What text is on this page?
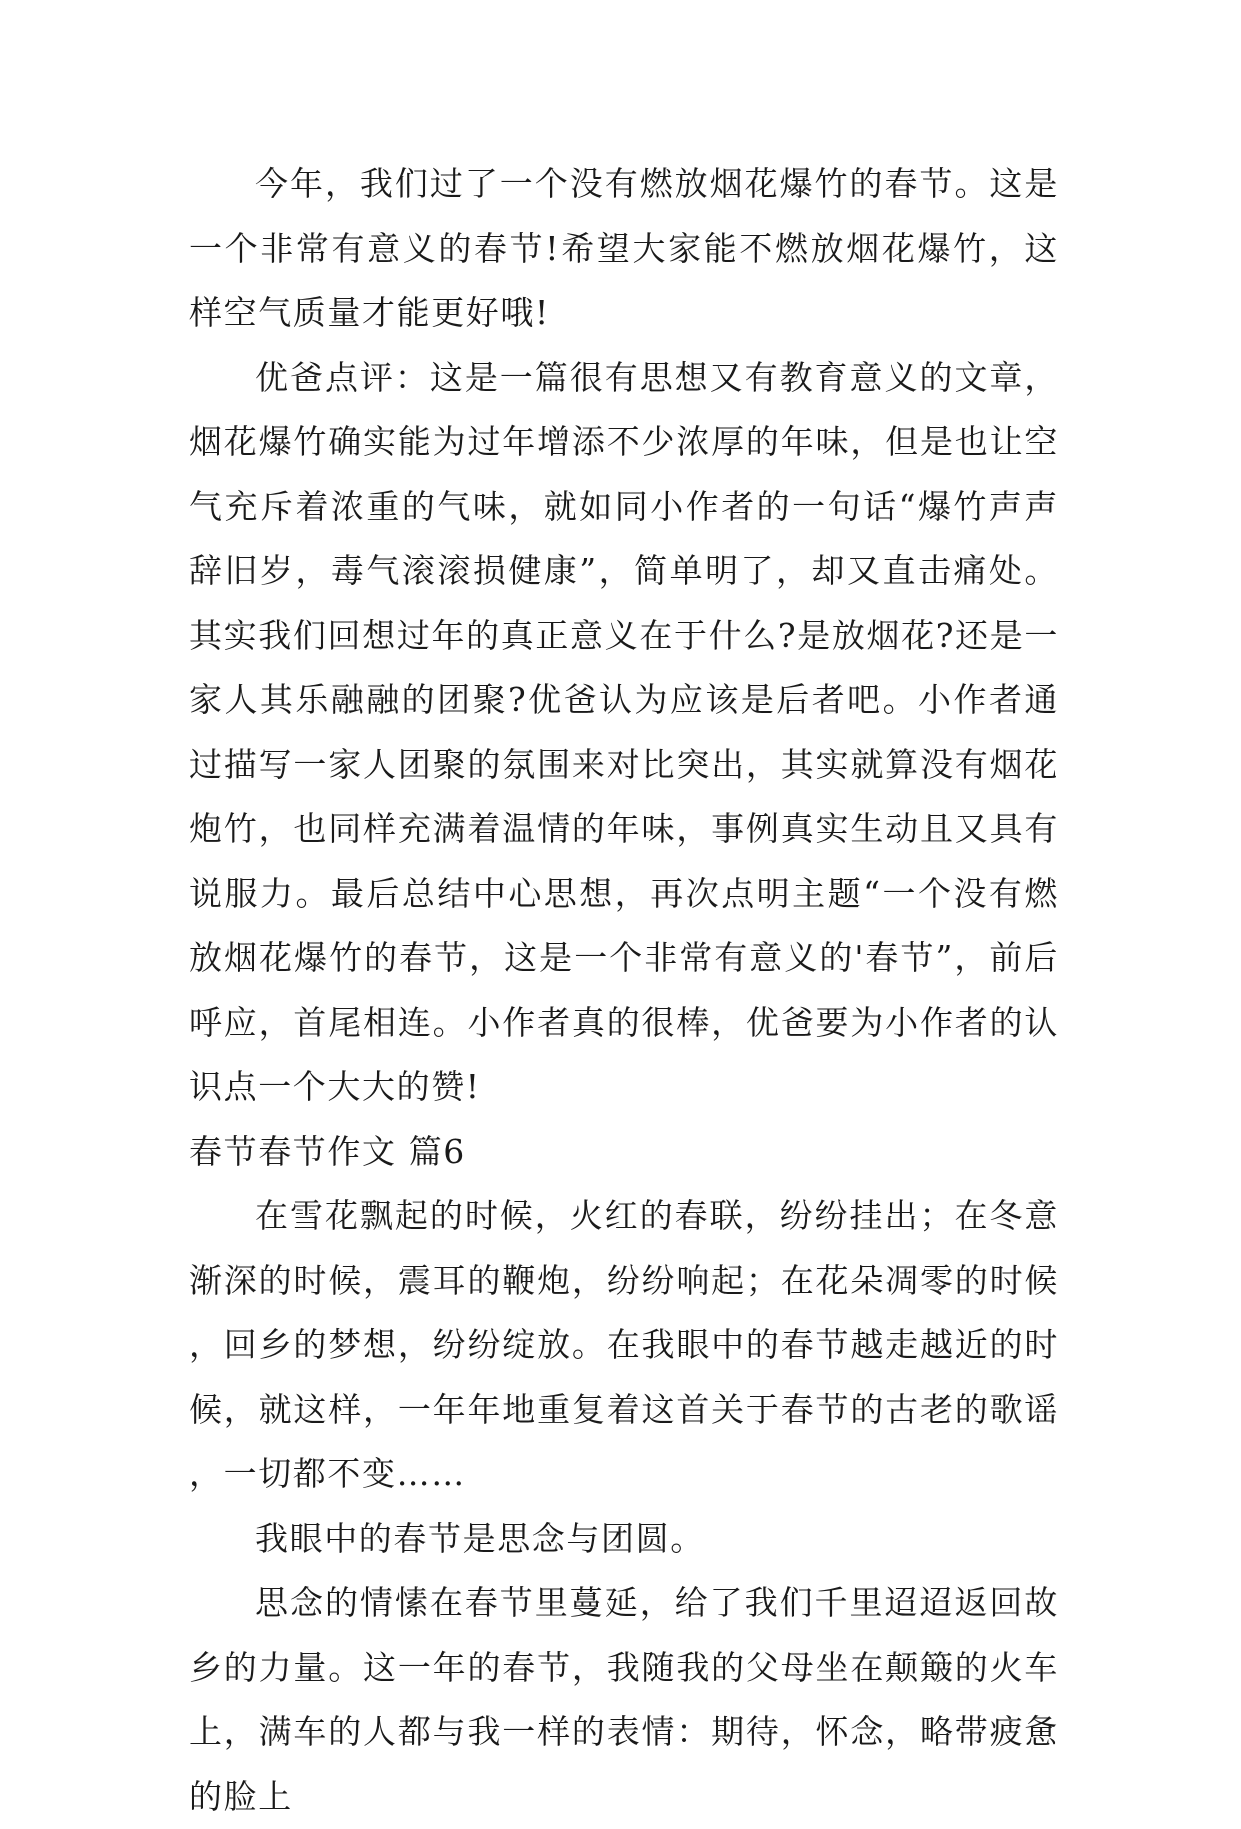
今年，我们过了一个没有燃放烟花爆竹的春节。这是一个非常有意义的春节!希望大家能不燃放烟花爆竹，这样空气质量才能更好哦!

优爸点评：这是一篇很有思想又有教育意义的文章，烟花爆竹确实能为过年增添不少浓厚的年味，但是也让空气充斥着浓重的气味，就如同小作者的一句话“爆竹声声辞旧岁，毒气滚滚损健康”，简单明了，却又直击痛处。其实我们回想过年的真正意义在于什么?是放烟花?还是一家人其乐融融的团聚?优爸认为应该是后者吧。小作者通过描写一家人团聚的氛围来对比突出，其实就算没有烟花炮竹，也同样充满着温情的年味，事例真实生动且又具有说服力。最后总结中心思想，再次点明主题“一个没有燃放烟花爆竹的春节，这是一个非常有意义的'春节”，前后呼应，首尾相连。小作者真的很棒，优爸要为小作者的认识点一个大大的赞!

春节春节作文 篇6

在雪花飘起的时候，火红的春联，纷纷挂出；在冬意渐深的时候，震耳的鞭炮，纷纷响起；在花朵凋零的时候，回乡的梦想，纷纷绽放。在我眼中的春节越走越近的时候，就这样，一年年地重复着这首关于春节的古老的歌谣，一切都不变……

我眼中的春节是思念与团圆。

思念的情愫在春节里蔓延，给了我们千里迢迢返回故乡的力量。这一年的春节，我随我的父母坐在颠簸的火车上，满车的人都与我一样的表情：期待，怀念，略带疲惫的脸上
